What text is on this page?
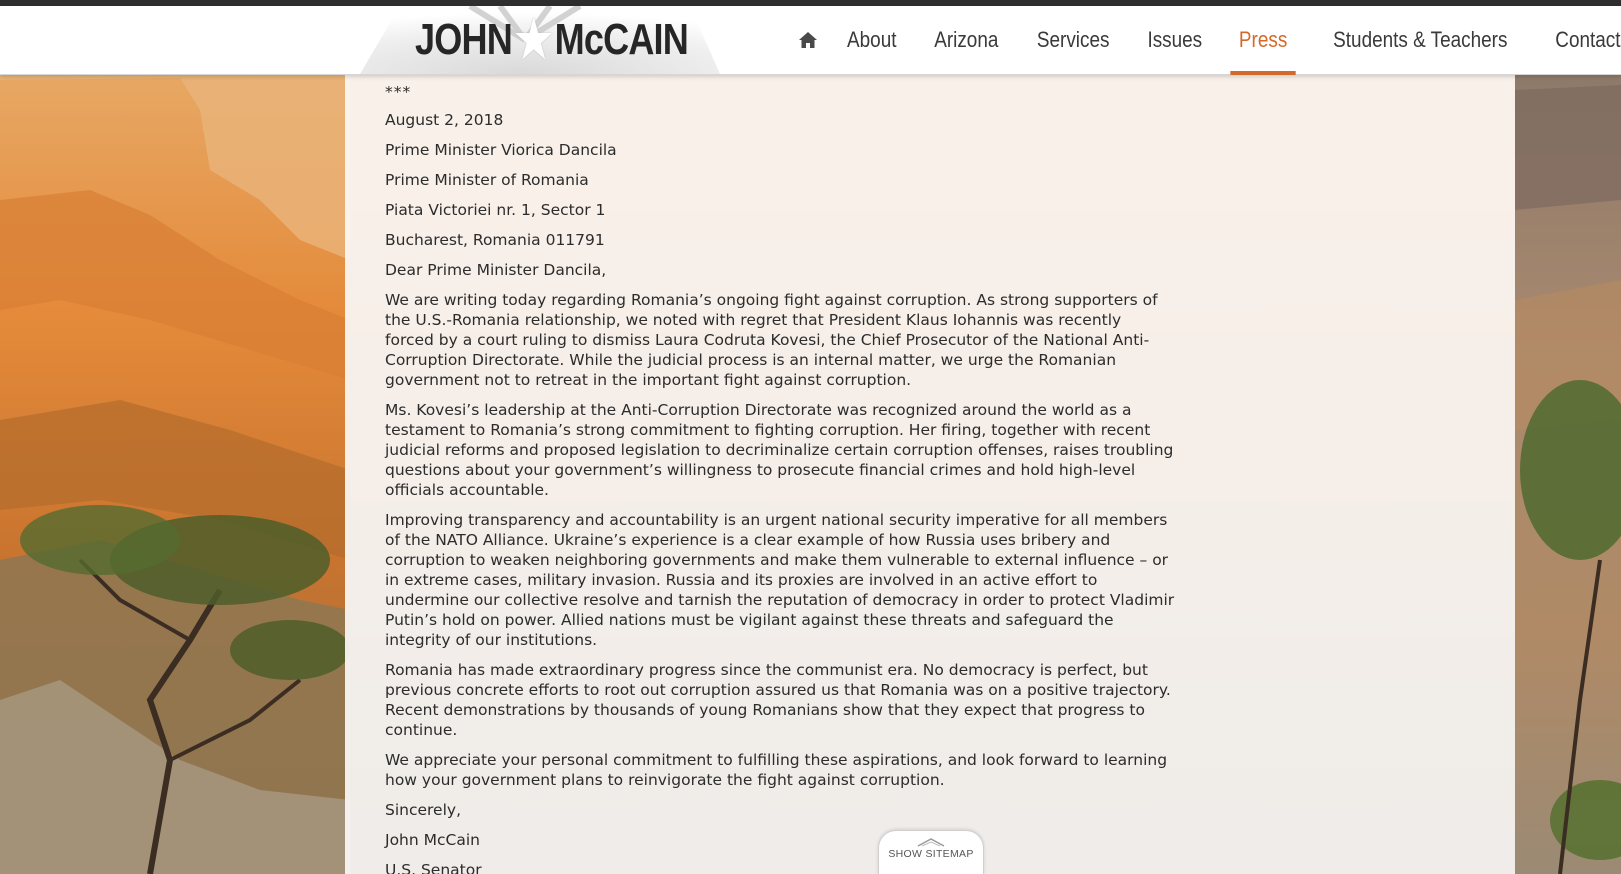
JOHN ★ McCAIN	About	Arizona	Services	Issues	Press	Students & Teachers	Contact

***

August 2, 2018

Prime Minister Viorica Dancila

Prime Minister of Romania

Piata Victoriei nr. 1, Sector 1

Bucharest, Romania 011791

Dear Prime Minister Dancila,

We are writing today regarding Romania’s ongoing fight against corruption. As strong supporters of the U.S.-Romania relationship, we noted with regret that President Klaus Iohannis was recently forced by a court ruling to dismiss Laura Codruta Kovesi, the Chief Prosecutor of the National Anti-Corruption Directorate. While the judicial process is an internal matter, we urge the Romanian government not to retreat in the important fight against corruption.

Ms. Kovesi’s leadership at the Anti-Corruption Directorate was recognized around the world as a testament to Romania’s strong commitment to fighting corruption. Her firing, together with recent judicial reforms and proposed legislation to decriminalize certain corruption offenses, raises troubling questions about your government’s willingness to prosecute financial crimes and hold high-level officials accountable.

Improving transparency and accountability is an urgent national security imperative for all members of the NATO Alliance. Ukraine’s experience is a clear example of how Russia uses bribery and corruption to weaken neighboring governments and make them vulnerable to external influence – or in extreme cases, military invasion. Russia and its proxies are involved in an active effort to undermine our collective resolve and tarnish the reputation of democracy in order to protect Vladimir Putin’s hold on power. Allied nations must be vigilant against these threats and safeguard the integrity of our institutions.

Romania has made extraordinary progress since the communist era. No democracy is perfect, but previous concrete efforts to root out corruption assured us that Romania was on a positive trajectory. Recent demonstrations by thousands of young Romanians show that they expect that progress to continue.

We appreciate your personal commitment to fulfilling these aspirations, and look forward to learning how your government plans to reinvigorate the fight against corruption.

Sincerely,

John McCain

U.S. Senator

SHOW SITEMAP
